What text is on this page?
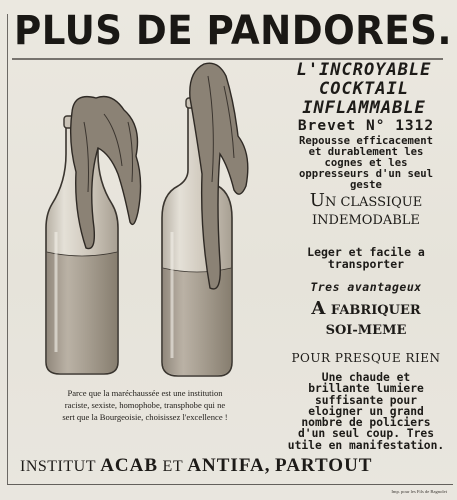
PLUS DE PANDORES.
L'INCROYABLE
COCKTAIL
INFLAMMABLE
Brevet N° 1312
Repousse efficacement
et durablement les
cognes et les
oppresseurs d'un seul
geste
UN CLASSIQUE
INDEMODABLE
Leger et facile a
transporter
Tres avantageux
A FABRIQUER
SOI-MEME
POUR PRESQUE RIEN
Une chaude et
brillante lumiere
suffisante pour
eloigner un grand
nombre de policiers
d'un seul coup. Tres
utile en manifestation.
Parce que la maréchaussée est une institution
raciste, sexiste, homophobe, transphobe qui ne
sert que la Bourgeoisie, choisissez l'excellence !
INSTITUT ACAB ET ANTIFA, PARTOUT
Imp. pour les Fils de Bagnolet
